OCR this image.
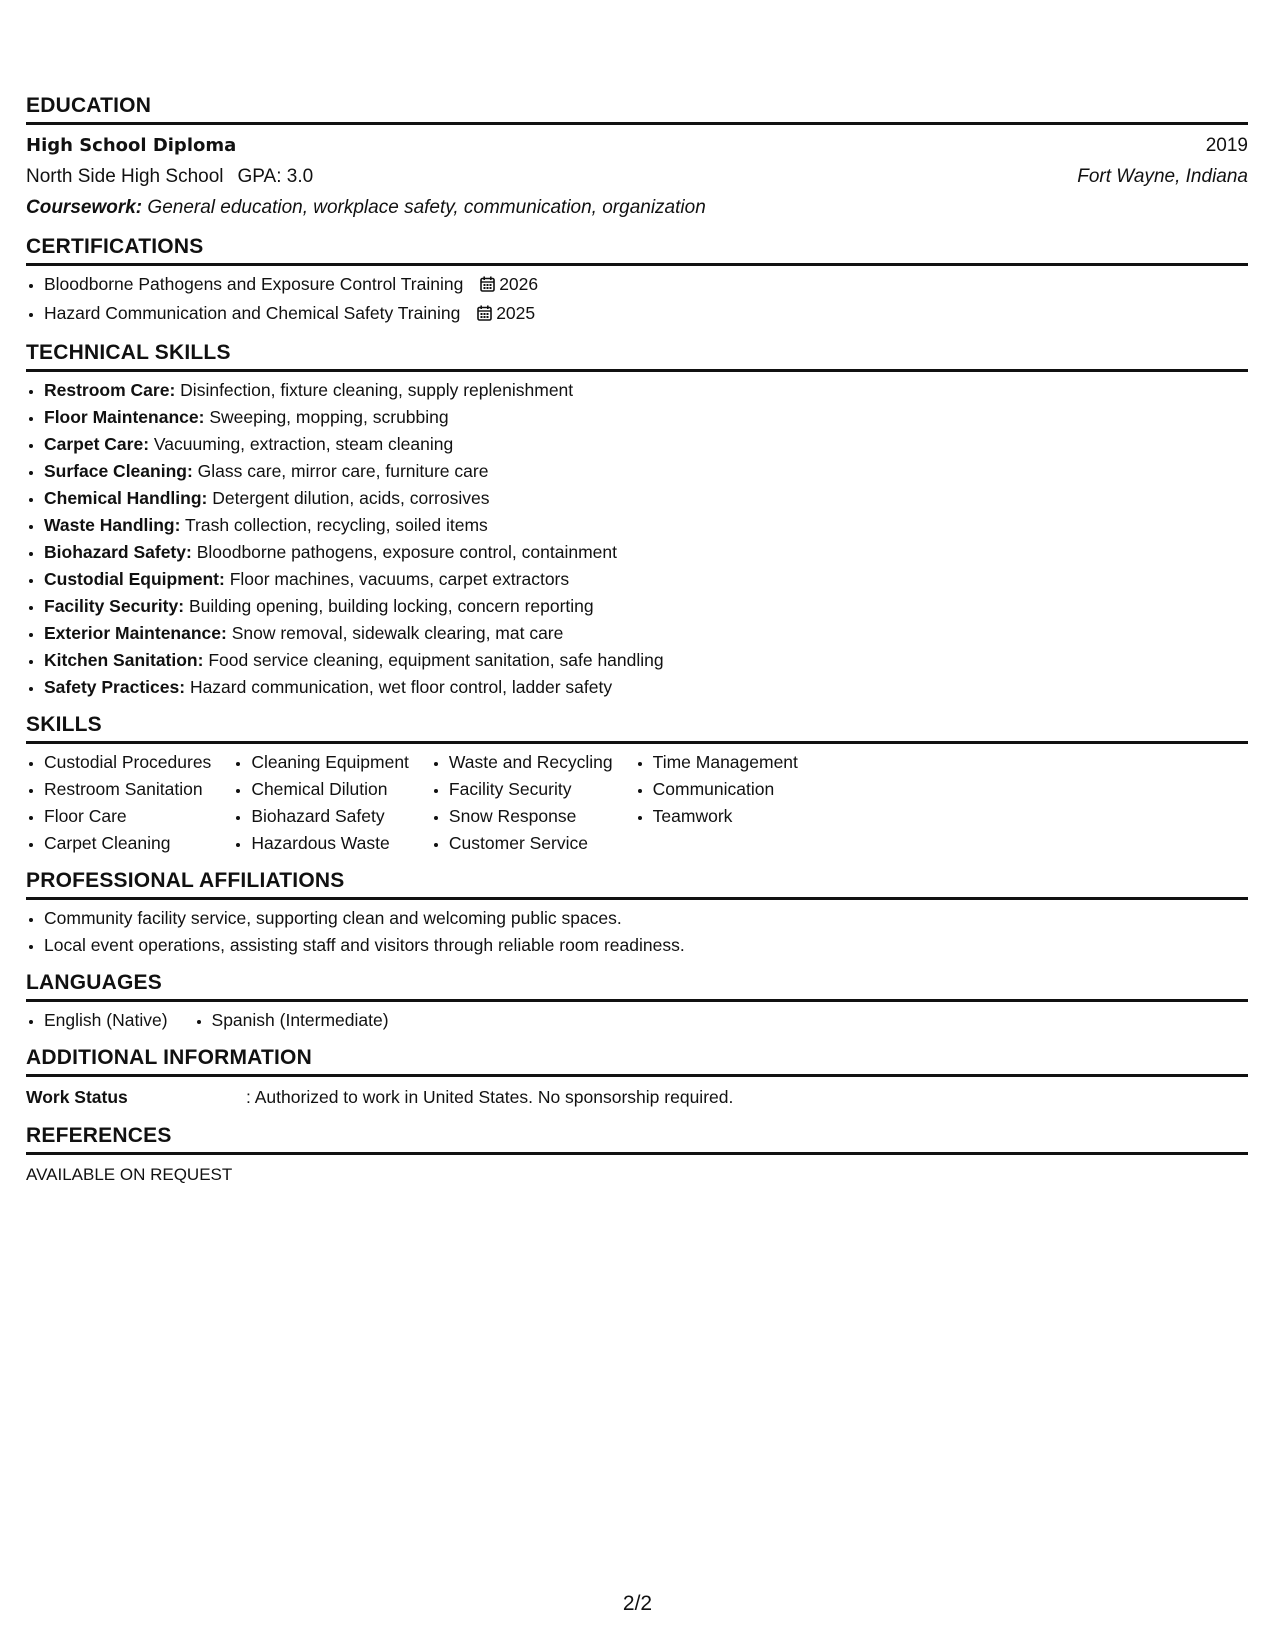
EDUCATION
High School Diploma	2019
North Side High School GPA: 3.0	Fort Wayne, Indiana
Coursework: General education, workplace safety, communication, organization
CERTIFICATIONS
• Bloodborne Pathogens and Exposure Control Training 2026
• Hazard Communication and Chemical Safety Training 2025
TECHNICAL SKILLS
• Restroom Care: Disinfection, fixture cleaning, supply replenishment
• Floor Maintenance: Sweeping, mopping, scrubbing
• Carpet Care: Vacuuming, extraction, steam cleaning
• Surface Cleaning: Glass care, mirror care, furniture care
• Chemical Handling: Detergent dilution, acids, corrosives
• Waste Handling: Trash collection, recycling, soiled items
• Biohazard Safety: Bloodborne pathogens, exposure control, containment
• Custodial Equipment: Floor machines, vacuums, carpet extractors
• Facility Security: Building opening, building locking, concern reporting
• Exterior Maintenance: Snow removal, sidewalk clearing, mat care
• Kitchen Sanitation: Food service cleaning, equipment sanitation, safe handling
• Safety Practices: Hazard communication, wet floor control, ladder safety
SKILLS
• Custodial Procedures
• Restroom Sanitation
• Floor Care
• Carpet Cleaning
• Cleaning Equipment
• Chemical Dilution
• Biohazard Safety
• Hazardous Waste
• Waste and Recycling
• Facility Security
• Snow Response
• Customer Service
• Time Management
• Communication
• Teamwork
PROFESSIONAL AFFILIATIONS
• Community facility service, supporting clean and welcoming public spaces.
• Local event operations, assisting staff and visitors through reliable room readiness.
LANGUAGES
• English (Native)
•	Spanish (Intermediate)
ADDITIONAL INFORMATION
Work Status	: Authorized to work in United States. No sponsorship required.
REFERENCES
AVAILABLE ON REQUEST
2/2
